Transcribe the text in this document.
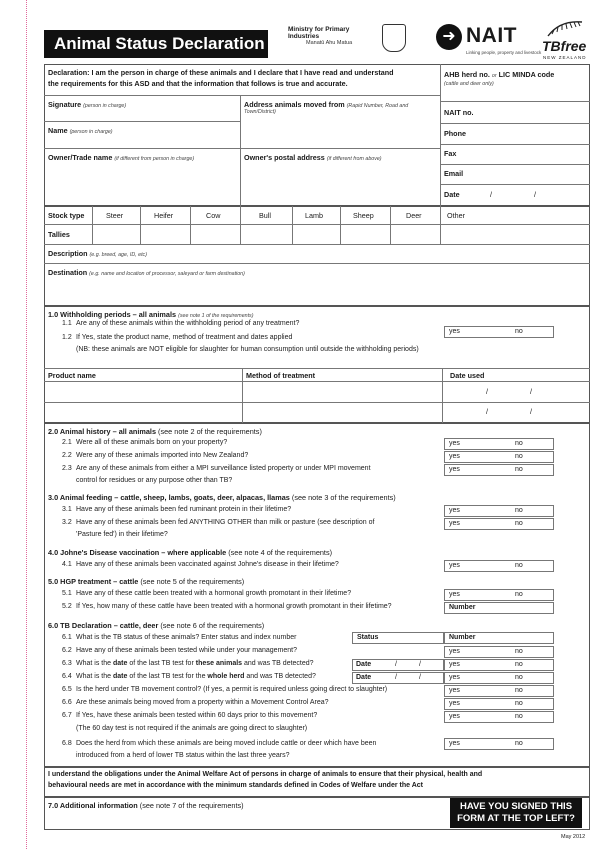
Animal Status Declaration
Ministry for Primary Industries
Manatū Ahu Matua	➜ NAIT
Linking people, property and livestock TBfree
NEW ZEALAND
Declaration: I am the person in charge of these animals and I declare that I have read and understand
the requirements for this ASD and that the information that follows is true and accurate.
AHB herd no. or LIC MINDA code
(cattle and deer only)
Signature (person in charge)	Address animals moved from (Rapid Number, Road and
Town/District)
Name (person in charge)
Owner/Trade name (if different from person in charge)	Owner's postal address (if different from above)
NAIT no.
Phone
Fax
Email
Date	/	/
Stock type	Steer	Heifer	Cow	Bull	Lamb	Sheep	Deer	Other
Tallies
Description (e.g. breed, age, ID, etc)
Destination (e.g. name and location of processor, saleyard or farm destination)
1.0 Withholding periods – all animals (see note 1 of the requirements)
1.1 Are any of these animals within the withholding period of any treatment?
yes	no
1.2 If Yes, state the product name, method of treatment and dates applied
(NB: these animals are NOT eligible for slaughter for human consumption until outside the withholding periods)
Product name	Method of treatment	Date used
/	/
/	/
2.0 Animal history – all animals (see note 2 of the requirements)
2.1 Were all of these animals born on your property?	yes	no
2.2 Were any of these animals imported into New Zealand?	yes	no
2.3 Are any of these animals from either a MPI surveillance listed property or under MPI movement	yes	no
control for residues or any purpose other than TB?
3.0 Animal feeding – cattle, sheep, lambs, goats, deer, alpacas, llamas (see note 3 of the requirements)
3.1 Have any of these animals been fed ruminant protein in their lifetime?	yes	no
3.2 Have any of these animals been fed ANYTHING OTHER than milk or pasture (see description of	yes	no
'Pasture fed') in their lifetime?
4.0 Johne's Disease vaccination – where applicable (see note 4 of the requirements)
4.1 Have any of these animals been vaccinated against Johne's disease in their lifetime?	yes	no
5.0 HGP treatment – cattle (see note 5 of the requirements)
5.1 Have any of these cattle been treated with a hormonal growth promotant in their lifetime?	yes	no
5.2 If Yes, how many of these cattle have been treated with a hormonal growth promotant in their lifetime?	Number
6.0 TB Declaration – cattle, deer (see note 6 of the requirements)
6.1 What is the TB status of these animals? Enter status and index number	Status	Number
6.2 Have any of these animals been tested while under your management?	yes	no
6.3 What is the date of the last TB test for these animals and was TB detected?	Date	/	/	yes	no
6.4 What is the date of the last TB test for the whole herd and was TB detected?	Date	/	/	yes	no
6.5 Is the herd under TB movement control? (If yes, a permit is required unless going direct to slaughter)	yes	no
6.6 Are these animals being moved from a property within a Movement Control Area?	yes	no
6.7 If Yes, have these animals been tested within 60 days prior to this movement?	yes	no
(The 60 day test is not required if the animals are going direct to slaughter)
6.8 Does the herd from which these animals are being moved include cattle or deer which have been	yes	no
introduced from a herd of lower TB status within the last three years?
I understand the obligations under the Animal Welfare Act of persons in charge of animals to ensure that their physical, health and
behavioural needs are met in accordance with the minimum standards defined in Codes of Welfare under the Act
7.0 Additional information (see note 7 of the requirements)	HAVE YOU SIGNED THIS
FORM AT THE TOP LEFT?
May 2012
